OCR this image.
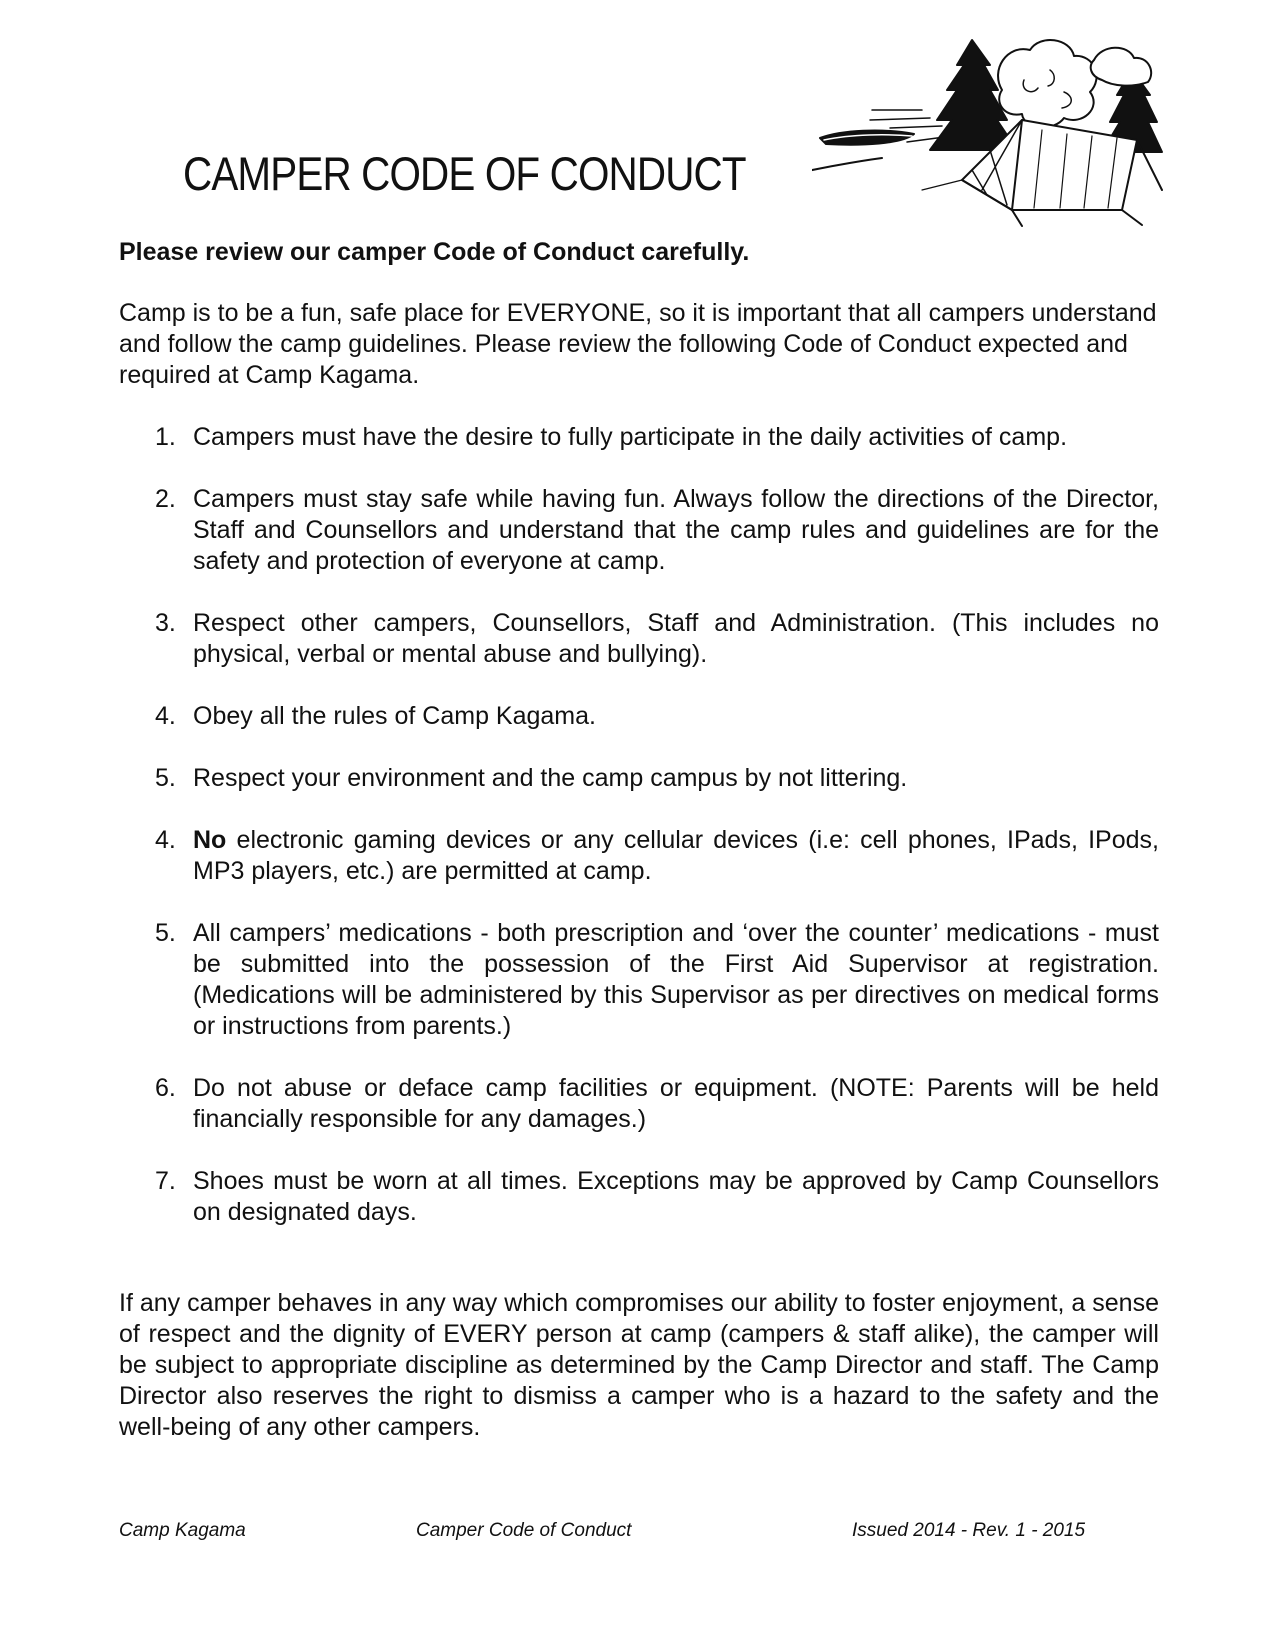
CAMPER CODE OF CONDUCT

Please review our camper Code of Conduct carefully.

Camp is to be a fun, safe place for EVERYONE, so it is important that all campers understand and follow the camp guidelines. Please review the following Code of Conduct expected and required at Camp Kagama.

1. Campers must have the desire to fully participate in the daily activities of camp.
2. Campers must stay safe while having fun. Always follow the directions of the Director, Staff and Counsellors and understand that the camp rules and guidelines are for the safety and protection of everyone at camp.
3. Respect other campers, Counsellors, Staff and Administration. (This includes no physical, verbal or mental abuse and bullying).
4. Obey all the rules of Camp Kagama.
5. Respect your environment and the camp campus by not littering.
4. No electronic gaming devices or any cellular devices (i.e: cell phones, IPads, IPods, MP3 players, etc.) are permitted at camp.
5. All campers’ medications - both prescription and ‘over the counter’ medications - must be submitted into the possession of the First Aid Supervisor at registration. (Medications will be administered by this Supervisor as per directives on medical forms or instructions from parents.)
6. Do not abuse or deface camp facilities or equipment. (NOTE: Parents will be held financially responsible for any damages.)
7. Shoes must be worn at all times. Exceptions may be approved by Camp Counsellors on designated days.

If any camper behaves in any way which compromises our ability to foster enjoyment, a sense of respect and the dignity of EVERY person at camp (campers & staff alike), the camper will be subject to appropriate discipline as determined by the Camp Director and staff. The Camp Director also reserves the right to dismiss a camper who is a hazard to the safety and the well-being of any other campers.

Camp Kagama	Camper Code of Conduct	Issued 2014 - Rev. 1 - 2015
